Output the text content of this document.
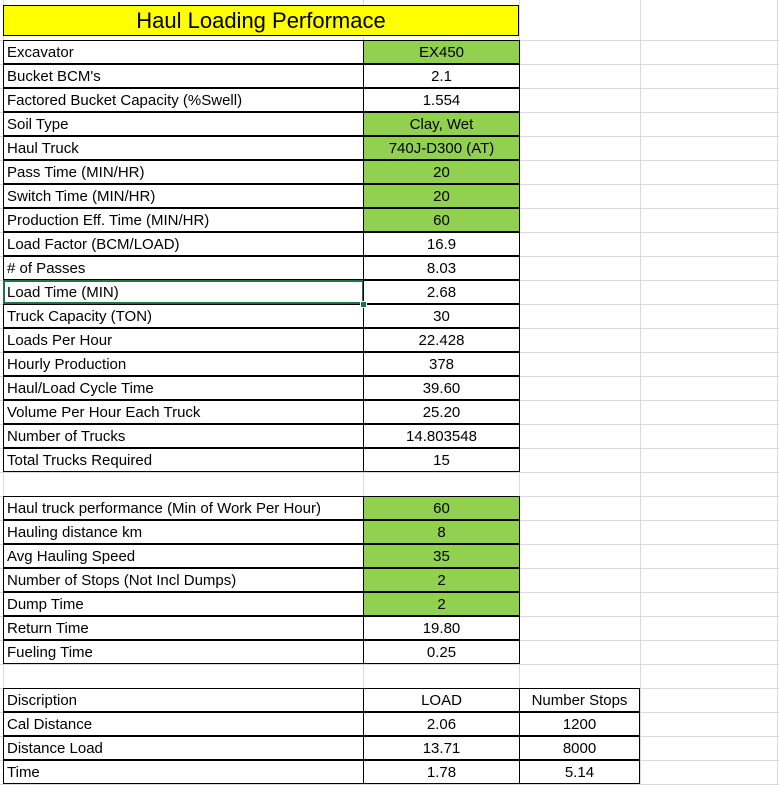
Haul Loading Performace
Excavator	EX450
Bucket BCM's	2.1
Factored Bucket Capacity (%Swell)	1.554
Soil Type	Clay, Wet
Haul Truck	740J-D300 (AT)
Pass Time (MIN/HR)	20
Switch Time (MIN/HR)	20
Production Eff. Time (MIN/HR)	60
Load Factor (BCM/LOAD)	16.9
# of Passes	8.03
Load Time (MIN)	2.68
Truck Capacity (TON)	30
Loads Per Hour	22.428
Hourly Production	378
Haul/Load Cycle Time	39.60
Volume Per Hour Each Truck	25.20
Number of Trucks	14.803548
Total Trucks Required	15
Haul truck performance (Min of Work Per Hour)	60
Hauling distance km	8
Avg Hauling Speed	35
Number of Stops (Not Incl Dumps)	2
Dump Time	2
Return Time	19.80
Fueling Time	0.25
Discription	LOAD	Number Stops
Cal Distance	2.06	1200
Distance Load	13.71	8000
Time	1.78	5.14
